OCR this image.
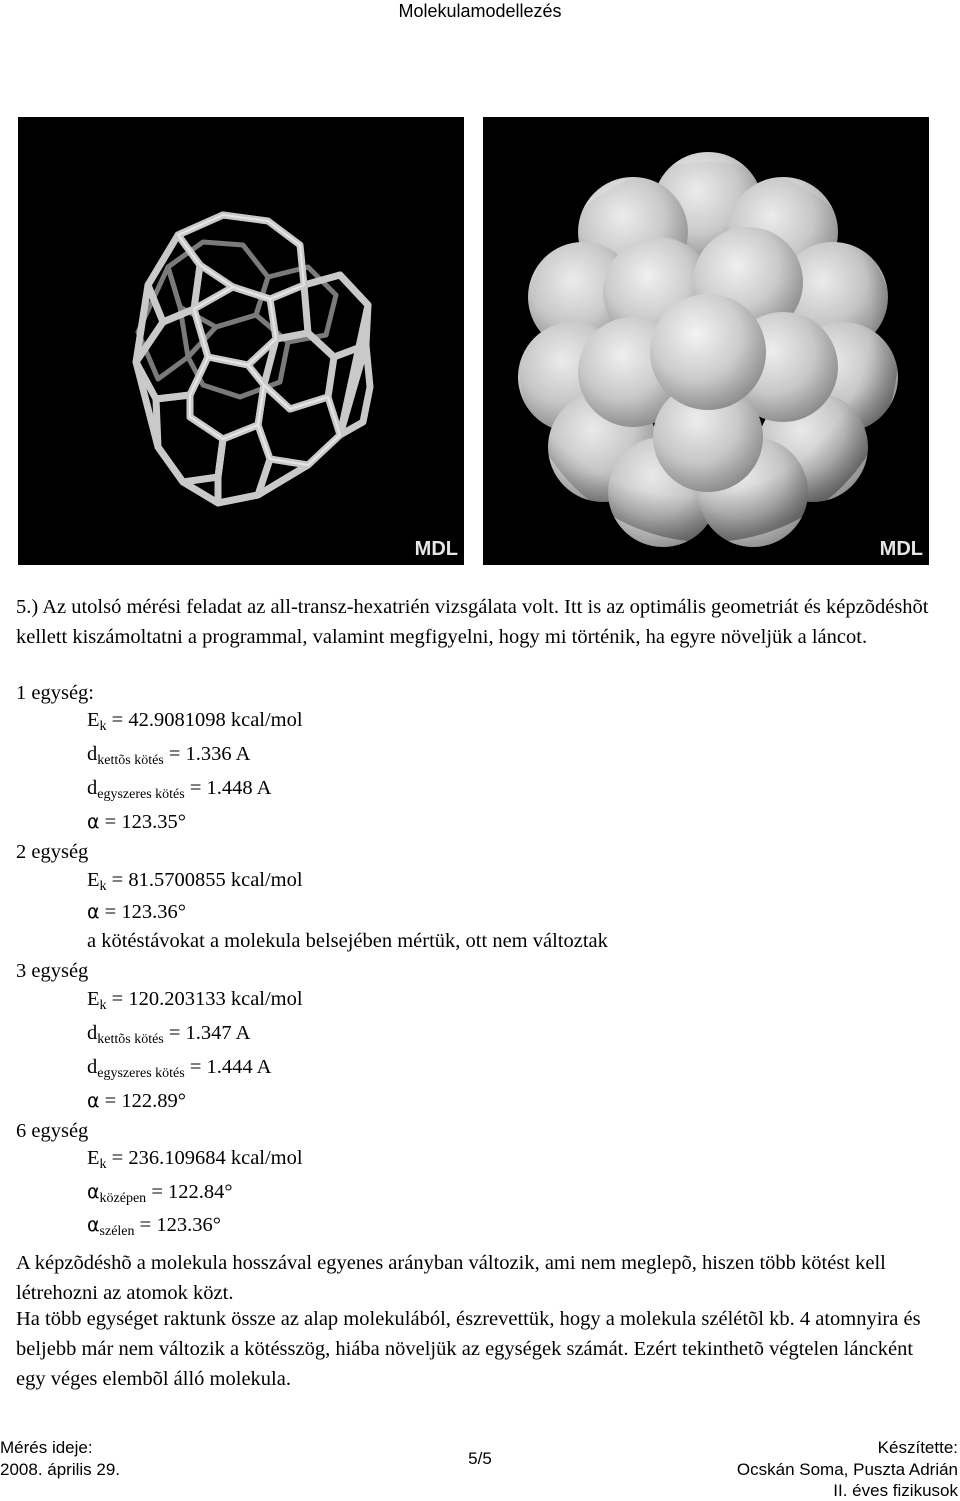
Molekulamodellezés
MDL	MDL
5.) Az utolsó mérési feladat az all-transz-hexatrién vizsgálata volt. Itt is az optimális geometriát és képzõdéshõt kellett kiszámoltatni a programmal, valamint megfigyelni, hogy mi történik, ha egyre növeljük a láncot.
1 egység:
$E_k = 42.9081098$ kcal/mol
$d_{kettõs kötés} = 1.336$ A
$d_{egyszeres kötés} = 1.448$ A
α = 123.35°
2 egység
$E_k = 81.5700855$ kcal/mol
α = 123.36°
a kötéstávokat a molekula belsejében mértük, ott nem változtak
3 egység
$E_k = 120.203133$ kcal/mol
$d_{kettõs kötés} = 1.347$ A
$d_{egyszeres kötés} = 1.444$ A
α = 122.89°
6 egység
$E_k = 236.109684$ kcal/mol
$\alpha_{középen} = 122.84^\circ$
$\alpha_{szélen} = 123.36^\circ$
A képzõdéshõ a molekula hosszával egyenes arányban változik, ami nem meglepõ, hiszen több kötést kell létrehozni az atomok közt.
Ha több egységet raktunk össze az alap molekulából, észrevettük, hogy a molekula szélétõl kb. 4 atomnyira és beljebb már nem változik a kötésszög, hiába növeljük az egységek számát. Ezért tekinthetõ végtelen láncként egy véges elembõl álló molekula.
Mérés ideje:
2008. április 29.
5/5
Készítette:
Ocskán Soma, Puszta Adrián
II. éves fizikusok
